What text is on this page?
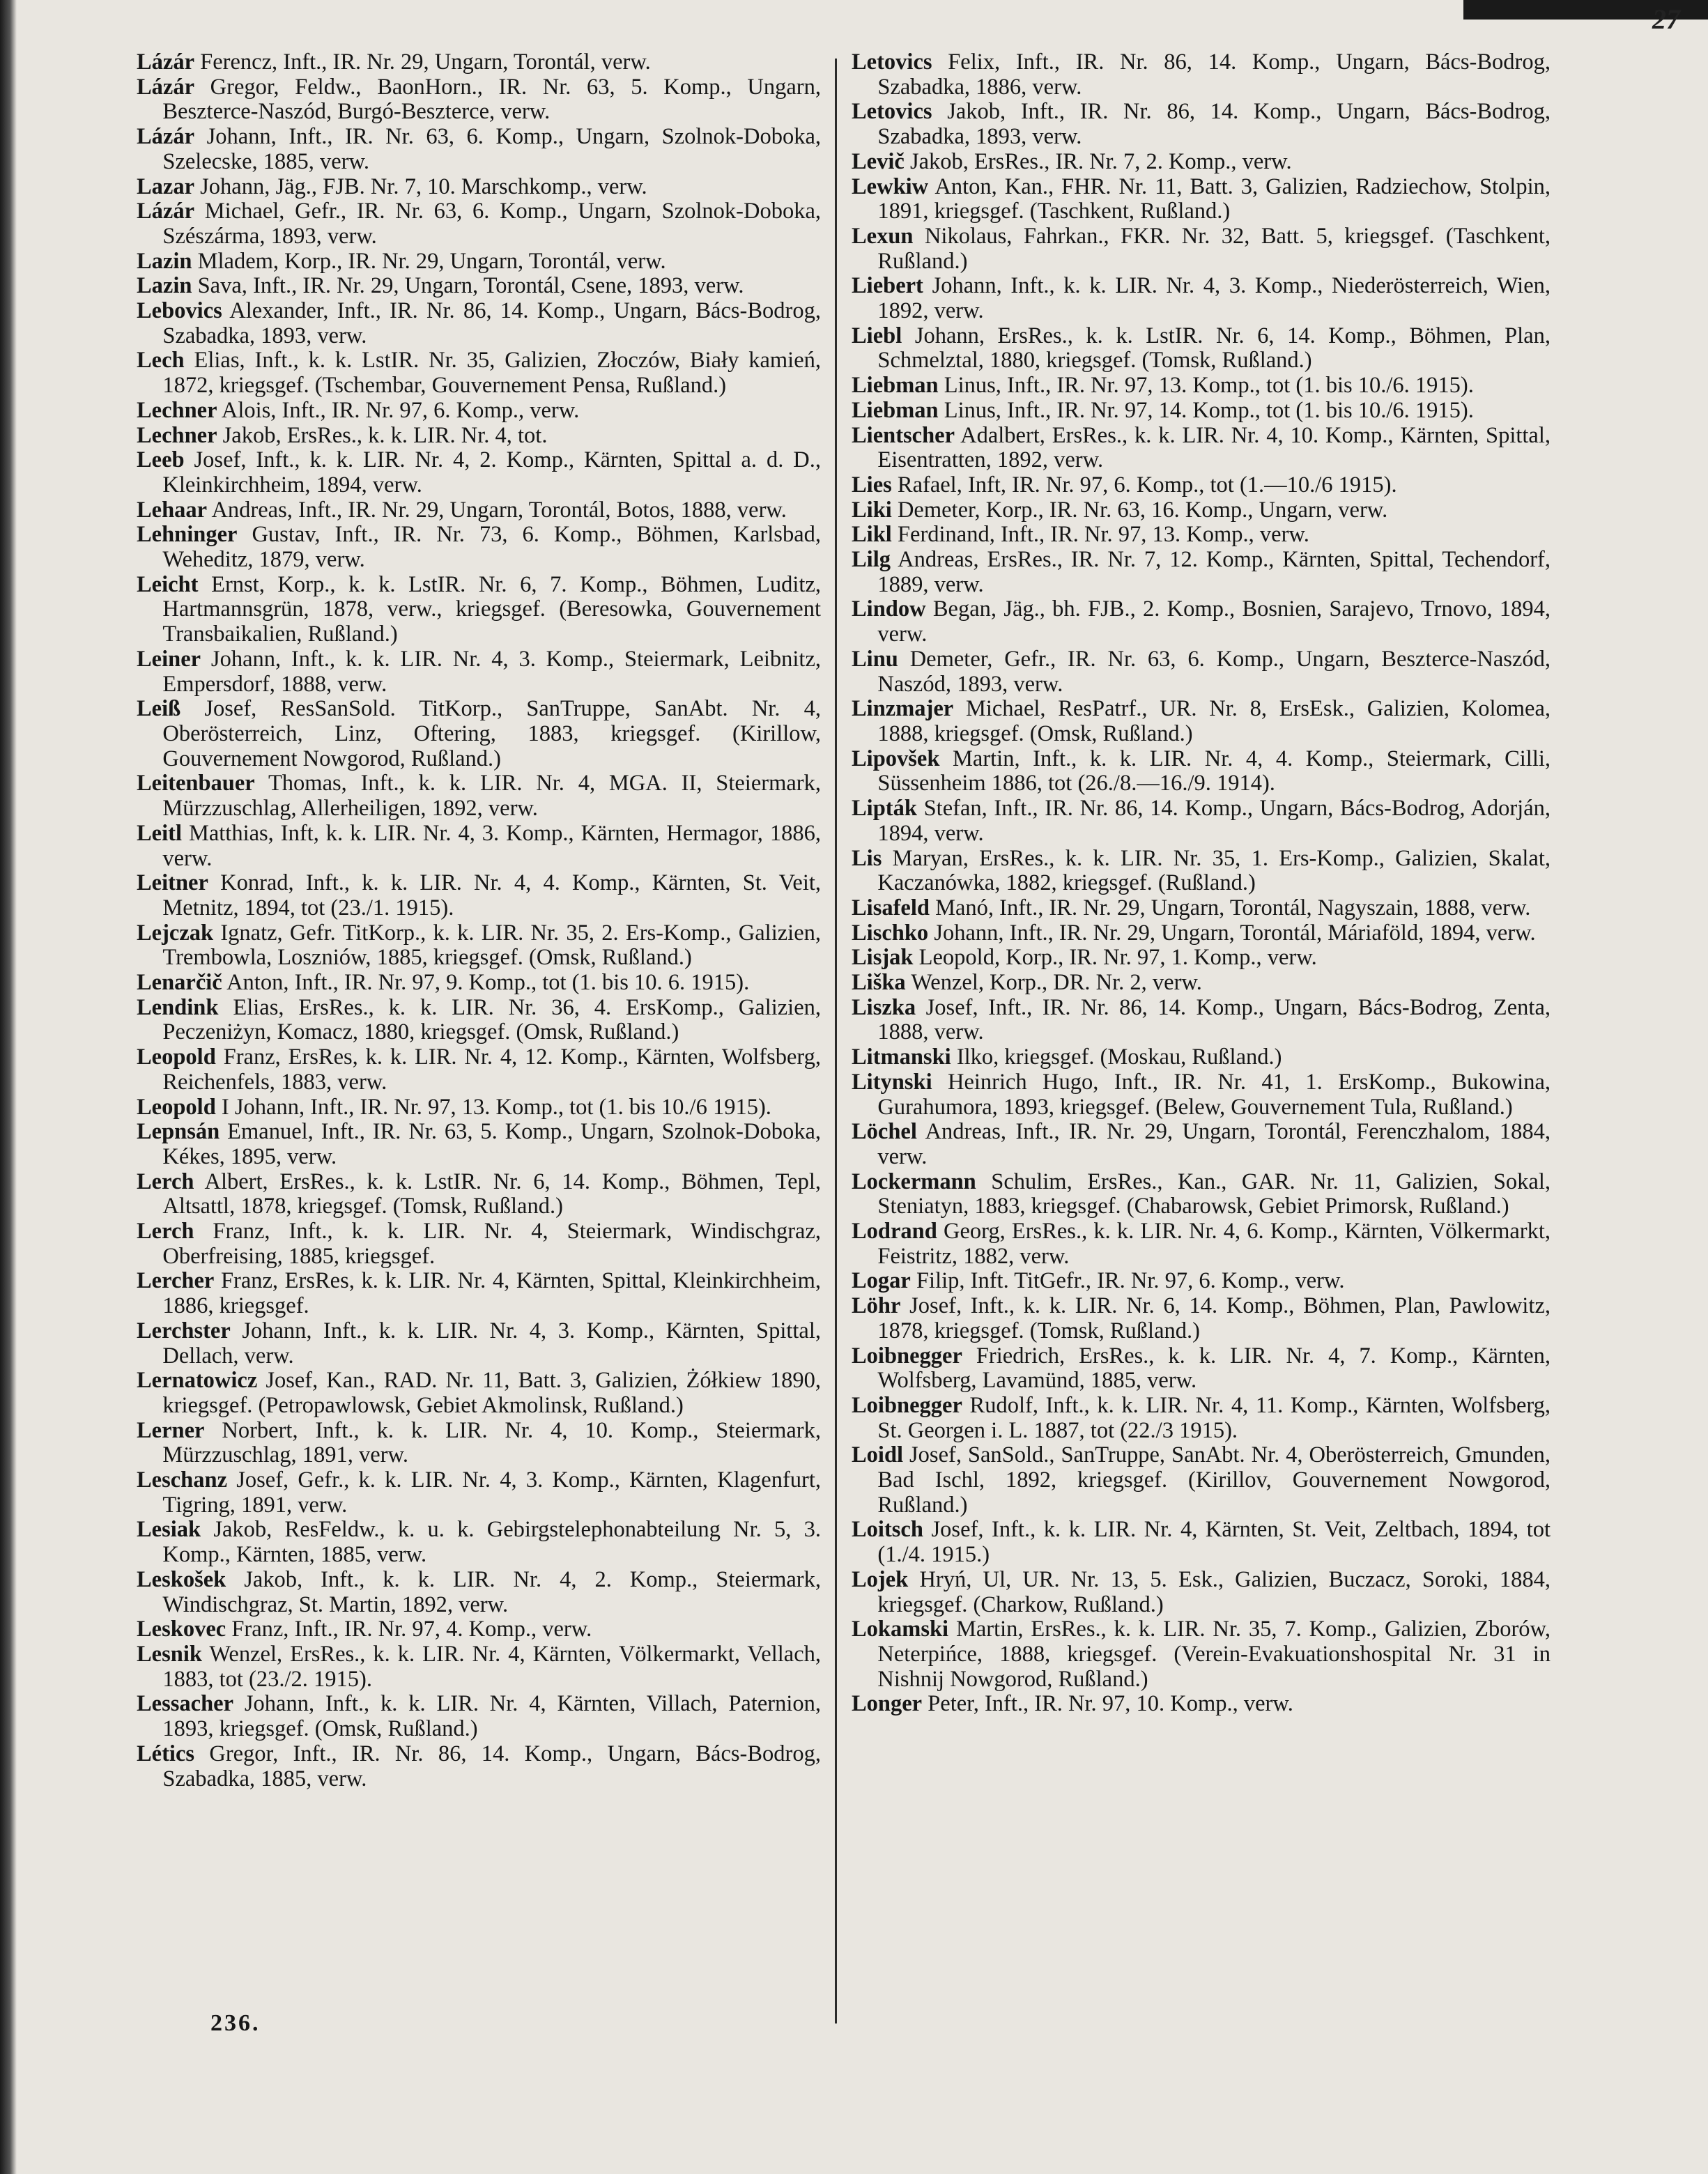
27

Lázár Ferencz, Inft., IR. Nr. 29, Ungarn, Torontál, verw.

Lázár Gregor, Feldw., BaonHorn., IR. Nr. 63, 5. Komp., Ungarn, Beszterce-Naszód, Burgó-Beszterce, verw.

Lázár Johann, Inft., IR. Nr. 63, 6. Komp., Ungarn, Szolnok-Doboka, Szelecske, 1885, verw.

Lazar Johann, Jäg., FJB. Nr. 7, 10. Marschkomp., verw.

Lázár Michael, Gefr., IR. Nr. 63, 6. Komp., Ungarn, Szolnok-Doboka, Szészárma, 1893, verw.

Lazin Mladem, Korp., IR. Nr. 29, Ungarn, Torontál, verw.

Lazin Sava, Inft., IR. Nr. 29, Ungarn, Torontál, Csene, 1893, verw.

Lebovics Alexander, Inft., IR. Nr. 86, 14. Komp., Ungarn, Bács-Bodrog, Szabadka, 1893, verw.

Lech Elias, Inft., k. k. LstIR. Nr. 35, Galizien, Złoczów, Biały kamień, 1872, kriegsgef. (Tschembar, Gouvernement Pensa, Rußland.)

Lechner Alois, Inft., IR. Nr. 97, 6. Komp., verw.

Lechner Jakob, ErsRes., k. k. LIR. Nr. 4, tot.

Leeb Josef, Inft., k. k. LIR. Nr. 4, 2. Komp., Kärnten, Spittal a. d. D., Kleinkirchheim, 1894, verw.

Lehaar Andreas, Inft., IR. Nr. 29, Ungarn, Torontál, Botos, 1888, verw.

Lehninger Gustav, Inft., IR. Nr. 73, 6. Komp., Böhmen, Karlsbad, Weheditz, 1879, verw.

Leicht Ernst, Korp., k. k. LstIR. Nr. 6, 7. Komp., Böhmen, Luditz, Hartmannsgrün, 1878, verw., kriegsgef. (Beresowka, Gouvernement Transbaikalien, Rußland.)

Leiner Johann, Inft., k. k. LIR. Nr. 4, 3. Komp., Steiermark, Leibnitz, Empersdorf, 1888, verw.

Leiß Josef, ResSanSold. TitKorp., SanTruppe, SanAbt. Nr. 4, Oberösterreich, Linz, Oftering, 1883, kriegsgef. (Kirillow, Gouvernement Nowgorod, Rußland.)

Leitenbauer Thomas, Inft., k. k. LIR. Nr. 4, MGA. II, Steiermark, Mürzzuschlag, Allerheiligen, 1892, verw.

Leitl Matthias, Inft, k. k. LIR. Nr. 4, 3. Komp., Kärnten, Hermagor, 1886, verw.

Leitner Konrad, Inft., k. k. LIR. Nr. 4, 4. Komp., Kärnten, St. Veit, Metnitz, 1894, tot (23./1. 1915).

Lejczak Ignatz, Gefr. TitKorp., k. k. LIR. Nr. 35, 2. Ers-Komp., Galizien, Trembowla, Loszniów, 1885, kriegsgef. (Omsk, Rußland.)

Lenarčič Anton, Inft., IR. Nr. 97, 9. Komp., tot (1. bis 10. 6. 1915).

Lendink Elias, ErsRes., k. k. LIR. Nr. 36, 4. ErsKomp., Galizien, Peczeniżyn, Komacz, 1880, kriegsgef. (Omsk, Rußland.)

Leopold Franz, ErsRes, k. k. LIR. Nr. 4, 12. Komp., Kärnten, Wolfsberg, Reichenfels, 1883, verw.

Leopold I Johann, Inft., IR. Nr. 97, 13. Komp., tot (1. bis 10./6 1915).

Lepnsán Emanuel, Inft., IR. Nr. 63, 5. Komp., Ungarn, Szolnok-Doboka, Kékes, 1895, verw.

Lerch Albert, ErsRes., k. k. LstIR. Nr. 6, 14. Komp., Böhmen, Tepl, Altsattl, 1878, kriegsgef. (Tomsk, Rußland.)

Lerch Franz, Inft., k. k. LIR. Nr. 4, Steiermark, Windischgraz, Oberfreising, 1885, kriegsgef.

Lercher Franz, ErsRes, k. k. LIR. Nr. 4, Kärnten, Spittal, Kleinkirchheim, 1886, kriegsgef.

Lerchster Johann, Inft., k. k. LIR. Nr. 4, 3. Komp., Kärnten, Spittal, Dellach, verw.

Lernatowicz Josef, Kan., RAD. Nr. 11, Batt. 3, Galizien, Żółkiew 1890, kriegsgef. (Petropawlowsk, Gebiet Akmolinsk, Rußland.)

Lerner Norbert, Inft., k. k. LIR. Nr. 4, 10. Komp., Steiermark, Mürzzuschlag, 1891, verw.

Leschanz Josef, Gefr., k. k. LIR. Nr. 4, 3. Komp., Kärnten, Klagenfurt, Tigring, 1891, verw.

Lesiak Jakob, ResFeldw., k. u. k. Gebirgstelephonabteilung Nr. 5, 3. Komp., Kärnten, 1885, verw.

Leskošek Jakob, Inft., k. k. LIR. Nr. 4, 2. Komp., Steiermark, Windischgraz, St. Martin, 1892, verw.

Leskovec Franz, Inft., IR. Nr. 97, 4. Komp., verw.

Lesnik Wenzel, ErsRes., k. k. LIR. Nr. 4, Kärnten, Völkermarkt, Vellach, 1883, tot (23./2. 1915).

Lessacher Johann, Inft., k. k. LIR. Nr. 4, Kärnten, Villach, Paternion, 1893, kriegsgef. (Omsk, Rußland.)

Létics Gregor, Inft., IR. Nr. 86, 14. Komp., Ungarn, Bács-Bodrog, Szabadka, 1885, verw.

Letovics Felix, Inft., IR. Nr. 86, 14. Komp., Ungarn, Bács-Bodrog, Szabadka, 1886, verw.

Letovics Jakob, Inft., IR. Nr. 86, 14. Komp., Ungarn, Bács-Bodrog, Szabadka, 1893, verw.

Levič Jakob, ErsRes., IR. Nr. 7, 2. Komp., verw.

Lewkiw Anton, Kan., FHR. Nr. 11, Batt. 3, Galizien, Radziechow, Stolpin, 1891, kriegsgef. (Taschkent, Rußland.)

Lexun Nikolaus, Fahrkan., FKR. Nr. 32, Batt. 5, kriegsgef. (Taschkent, Rußland.)

Liebert Johann, Inft., k. k. LIR. Nr. 4, 3. Komp., Niederösterreich, Wien, 1892, verw.

Liebl Johann, ErsRes., k. k. LstIR. Nr. 6, 14. Komp., Böhmen, Plan, Schmelztal, 1880, kriegsgef. (Tomsk, Rußland.)

Liebman Linus, Inft., IR. Nr. 97, 13. Komp., tot (1. bis 10./6. 1915).

Liebman Linus, Inft., IR. Nr. 97, 14. Komp., tot (1. bis 10./6. 1915).

Lientscher Adalbert, ErsRes., k. k. LIR. Nr. 4, 10. Komp., Kärnten, Spittal, Eisentratten, 1892, verw.

Lies Rafael, Inft, IR. Nr. 97, 6. Komp., tot (1.—10./6 1915).

Liki Demeter, Korp., IR. Nr. 63, 16. Komp., Ungarn, verw.

Likl Ferdinand, Inft., IR. Nr. 97, 13. Komp., verw.

Lilg Andreas, ErsRes., IR. Nr. 7, 12. Komp., Kärnten, Spittal, Techendorf, 1889, verw.

Lindow Began, Jäg., bh. FJB., 2. Komp., Bosnien, Sarajevo, Trnovo, 1894, verw.

Linu Demeter, Gefr., IR. Nr. 63, 6. Komp., Ungarn, Beszterce-Naszód, Naszód, 1893, verw.

Linzmajer Michael, ResPatrf., UR. Nr. 8, ErsEsk., Galizien, Kolomea, 1888, kriegsgef. (Omsk, Rußland.)

Lipovšek Martin, Inft., k. k. LIR. Nr. 4, 4. Komp., Steiermark, Cilli, Süssenheim 1886, tot (26./8.—16./9. 1914).

Lipták Stefan, Inft., IR. Nr. 86, 14. Komp., Ungarn, Bács-Bodrog, Adorján, 1894, verw.

Lis Maryan, ErsRes., k. k. LIR. Nr. 35, 1. Ers-Komp., Galizien, Skalat, Kaczanówka, 1882, kriegsgef. (Rußland.)

Lisafeld Manó, Inft., IR. Nr. 29, Ungarn, Torontál, Nagyszain, 1888, verw.

Lischko Johann, Inft., IR. Nr. 29, Ungarn, Torontál, Máriaföld, 1894, verw.

Lisjak Leopold, Korp., IR. Nr. 97, 1. Komp., verw.

Liška Wenzel, Korp., DR. Nr. 2, verw.

Liszka Josef, Inft., IR. Nr. 86, 14. Komp., Ungarn, Bács-Bodrog, Zenta, 1888, verw.

Litmanski Ilko, kriegsgef. (Moskau, Rußland.)

Litynski Heinrich Hugo, Inft., IR. Nr. 41, 1. ErsKomp., Bukowina, Gurahumora, 1893, kriegsgef. (Belew, Gouvernement Tula, Rußland.)

Löchel Andreas, Inft., IR. Nr. 29, Ungarn, Torontál, Ferenczhalom, 1884, verw.

Lockermann Schulim, ErsRes., Kan., GAR. Nr. 11, Galizien, Sokal, Steniatyn, 1883, kriegsgef. (Chabarowsk, Gebiet Primorsk, Rußland.)

Lodrand Georg, ErsRes., k. k. LIR. Nr. 4, 6. Komp., Kärnten, Völkermarkt, Feistritz, 1882, verw.

Logar Filip, Inft. TitGefr., IR. Nr. 97, 6. Komp., verw.

Löhr Josef, Inft., k. k. LIR. Nr. 6, 14. Komp., Böhmen, Plan, Pawlowitz, 1878, kriegsgef. (Tomsk, Rußland.)

Loibnegger Friedrich, ErsRes., k. k. LIR. Nr. 4, 7. Komp., Kärnten, Wolfsberg, Lavamünd, 1885, verw.

Loibnegger Rudolf, Inft., k. k. LIR. Nr. 4, 11. Komp., Kärnten, Wolfsberg, St. Georgen i. L. 1887, tot (22./3 1915).

Loidl Josef, SanSold., SanTruppe, SanAbt. Nr. 4, Oberösterreich, Gmunden, Bad Ischl, 1892, kriegsgef. (Kirillov, Gouvernement Nowgorod, Rußland.)

Loitsch Josef, Inft., k. k. LIR. Nr. 4, Kärnten, St. Veit, Zeltbach, 1894, tot (1./4. 1915.)

Lojek Hryń, Ul, UR. Nr. 13, 5. Esk., Galizien, Buczacz, Soroki, 1884, kriegsgef. (Charkow, Rußland.)

Lokamski Martin, ErsRes., k. k. LIR. Nr. 35, 7. Komp., Galizien, Zborów, Neterpińce, 1888, kriegsgef. (Verein-Evakuationshospital Nr. 31 in Nishnij Nowgorod, Rußland.)

Longer Peter, Inft., IR. Nr. 97, 10. Komp., verw.

236.
